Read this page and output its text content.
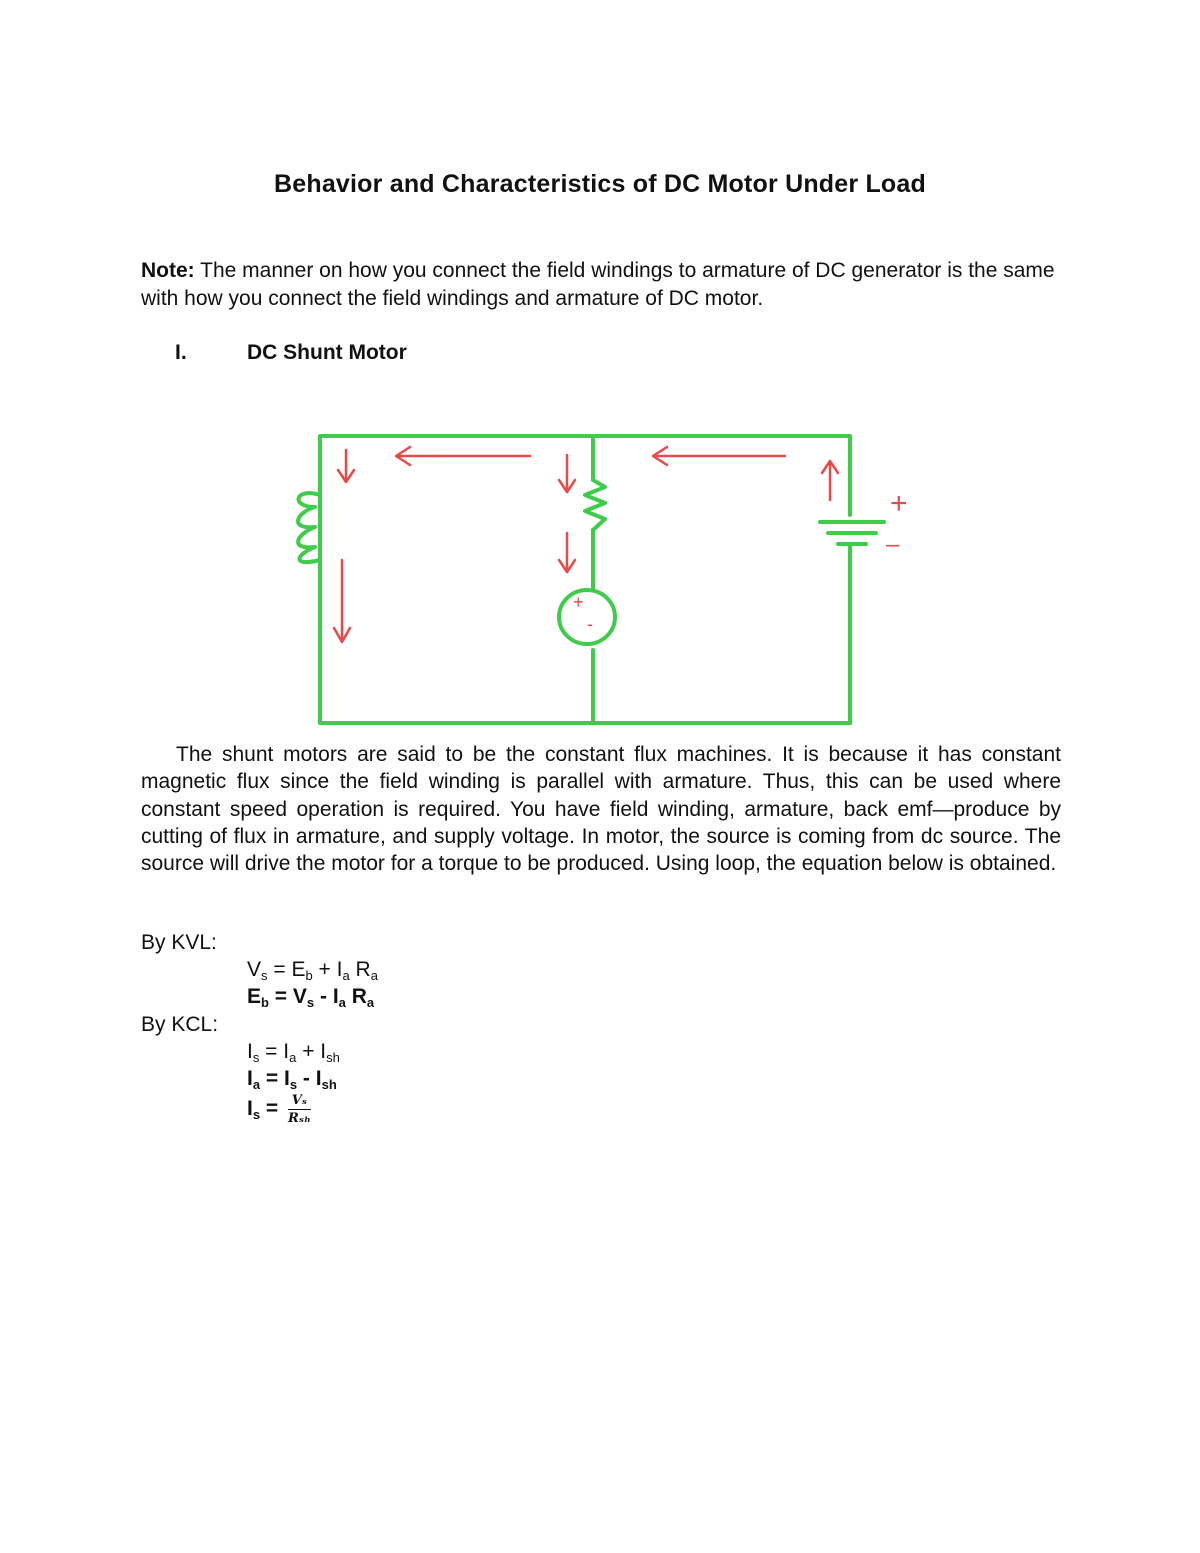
Behavior and Characteristics of DC Motor Under Load
Note: The manner on how you connect the field windings to armature of DC generator is the same with how you connect the field windings and armature of DC motor.
I.	DC Shunt Motor
+
-
+
–
The shunt motors are said to be the constant flux machines. It is because it has constant magnetic flux since the field winding is parallel with armature. Thus, this can be used where constant speed operation is required. You have field winding, armature, back emf—produce by cutting of flux in armature, and supply voltage. In motor, the source is coming from dc source. The source will drive the motor for a torque to be produced. Using loop, the equation below is obtained.
By KVL:
$V_s = E_b + I_a$ $R_a$
$E_b = V_s - I_a$ $R_a$
By KCL:
$I_s = I_a + I_{sh}$
$I_a = I_s - I_{sh}$
$I_s = \frac{\text{Vₛ}}{\text{Rₛₕ}}$
